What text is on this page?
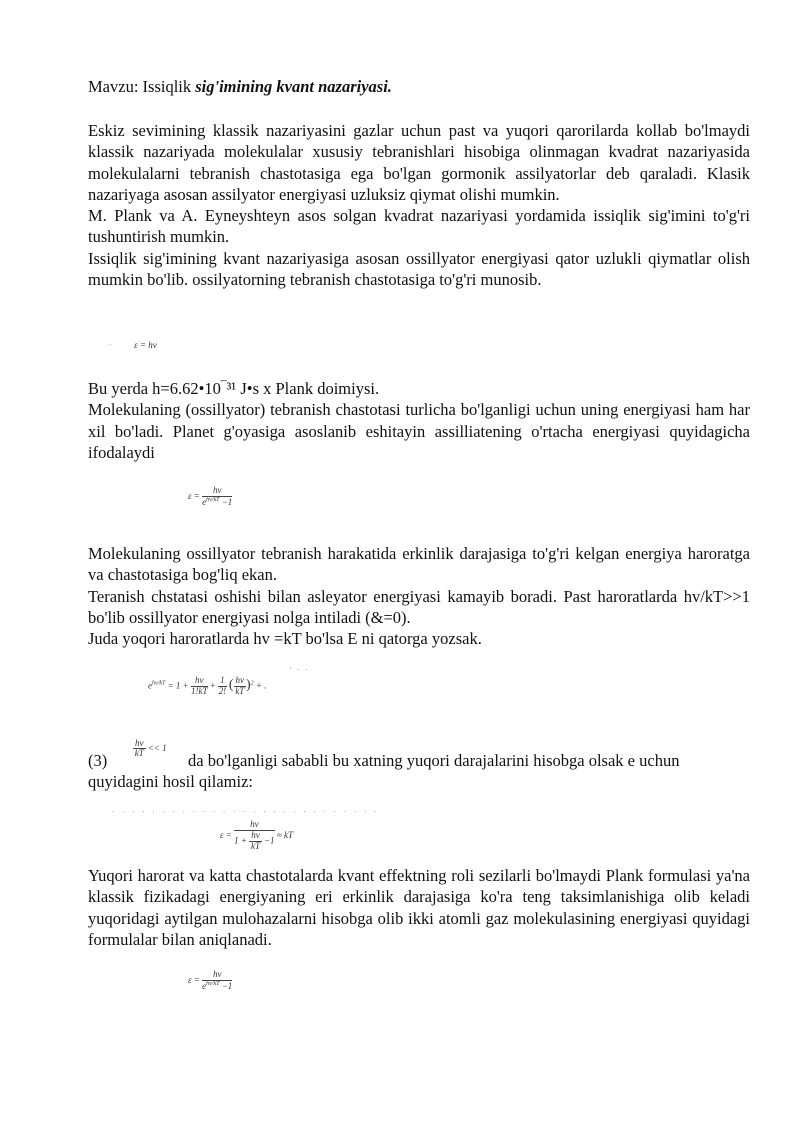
Mavzu: Issiqlik sig'imining kvant nazariyasi.

Eskiz sevimining klassik nazariyasini gazlar uchun past va yuqori qarorilarda kollab bo'lmaydi klassik nazariyada molekulalar xususiy tebranishlari hisobiga olinmagan kvadrat nazariyasida molekulalarni tebranish chastotasiga ega bo'lgan gormonik assilyatorlar deb qaraladi. Klasik nazariyaga asosan assilyator energiyasi uzluksiz qiymat olishi mumkin.

M. Plank va A. Eyneyshteyn asos solgan kvadrat nazariyasi yordamida issiqlik sig'imini to'g'ri tushuntirish mumkin.

Issiqlik sig'imining kvant nazariyasiga asosan ossillyator energiyasi qator uzlukli qiymatlar olish mumkin bo'lib. ossilyatorning tebranish chastotasiga to'g'ri munosib.

' ' ε = hν

Bu yerda h=6.62•10‾³¹ J•s x Plank doimiysi.

Molekulaning (ossillyator) tebranish chastotasi turlicha bo'lganligi uchun uning energiyasi ham har xil bo'ladi. Planet g'oyasiga asoslanib eshitayin assilliatening o'rtacha energiyasi quyidagicha ifodalaydi

$\varepsilon = \frac{h\nu}{e^{h\nu/kT} -1}$

Molekulaning ossillyator tebranish harakatida erkinlik darajasiga to'g'ri kelgan energiya haroratga va chastotasiga bog'liq ekan.

Teranish chstatasi oshishi bilan asleyator energiyasi kamayib boradi. Past haroratlarda hv/kT>>1 bo'lib ossillyator energiyasi nolga intiladi (&=0).

Juda yoqori haroratlarda hv =kT bo'lsa E ni qatorga yozsak.

$e^{h\nu/kT} = 1 + \frac{h\nu}{1!kT} + \frac{1}{2!}$ ( $\frac{h\nu}{kT} )^2$ + .
' · ·
(3)
$\frac{h\nu}{kT} << 1$
da bo'lganligi sababli bu xatning yuqori darajalarini hisobga olsak e uchun
quyidagini hosil qilamiz:
· · · · · · · · · · · · · · · · · · · · · · · · · · ·
$\varepsilon = \frac{h\nu}{1 + \frac{h\nu}{kT} -1}$ ≈ kT

Yuqori harorat va katta chastotalarda kvant effektning roli sezilarli bo'lmaydi Plank formulasi ya'na klassik fizikadagi energiyaning eri erkinlik darajasiga ko'ra teng taksimlanishiga olib keladi yuqoridagi aytilgan mulohazalarni hisobga olib ikki atomli gaz molekulasining energiyasi quyidagi formulalar bilan aniqlanadi.

$\varepsilon = \frac{h\nu}{e^{h\nu/kT} -1}$
